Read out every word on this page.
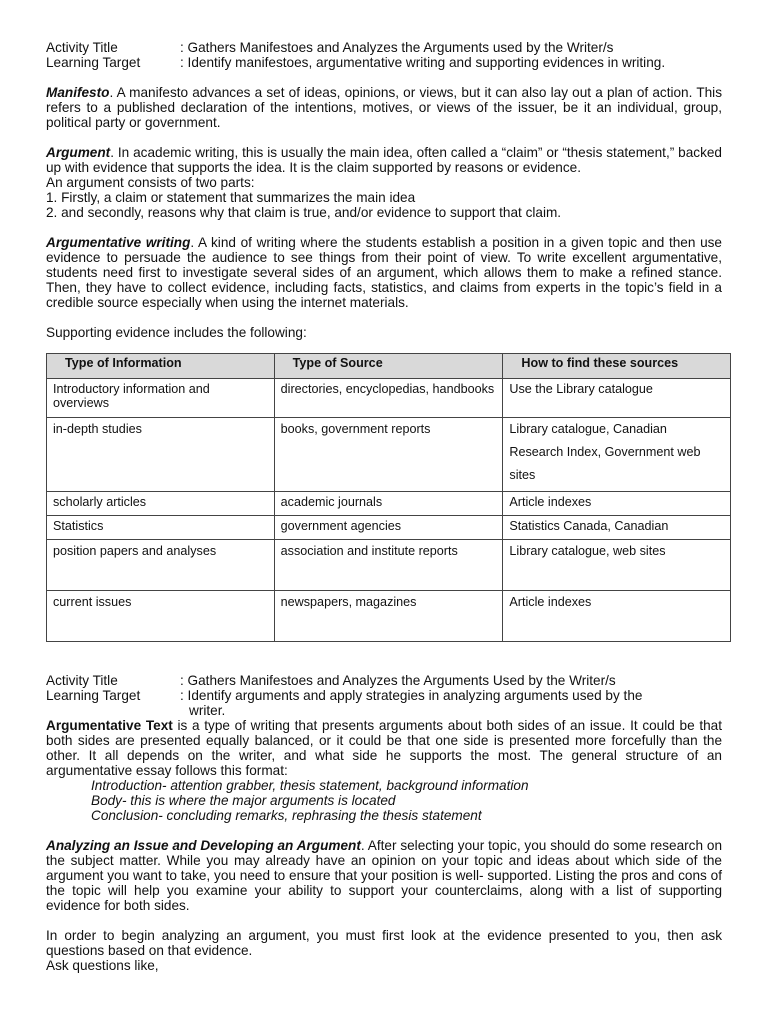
Activity Title	: Gathers Manifestoes and Analyzes the Arguments used by the Writer/s
Learning Target	: Identify manifestoes, argumentative writing and supporting evidences in writing.

Manifesto. A manifesto advances a set of ideas, opinions, or views, but it can also lay out a plan of action. This refers to a published declaration of the intentions, motives, or views of the issuer, be it an individual, group, political party or government.

Argument. In academic writing, this is usually the main idea, often called a “claim” or “thesis statement,” backed up with evidence that supports the idea. It is the claim supported by reasons or evidence.

An argument consists of two parts:

1. Firstly, a claim or statement that summarizes the main idea

2. and secondly, reasons why that claim is true, and/or evidence to support that claim.

Argumentative writing. A kind of writing where the students establish a position in a given topic and then use evidence to persuade the audience to see things from their point of view. To write excellent argumentative, students need first to investigate several sides of an argument, which allows them to make a refined stance. Then, they have to collect evidence, including facts, statistics, and claims from experts in the topic’s field in a credible source especially when using the internet materials.

Supporting evidence includes the following:

Type of Information	Type of Source	How to find these sources
Introductory information and overviews	directories, encyclopedias, handbooks	Use the Library catalogue
in-depth studies	books, government reports	Library catalogue, Canadian Research Index, Government web sites
scholarly articles	academic journals	Article indexes
Statistics	government agencies	Statistics Canada, Canadian
position papers and analyses	association and institute reports	Library catalogue, web sites
current issues	newspapers, magazines	Article indexes
Activity Title	: Gathers Manifestoes and Analyzes the Arguments Used by the Writer/s
Learning Target	: Identify arguments and apply strategies in analyzing arguments used by the
writer.

Argumentative Text is a type of writing that presents arguments about both sides of an issue. It could be that both sides are presented equally balanced, or it could be that one side is presented more forcefully than the other. It all depends on the writer, and what side he supports the most. The general structure of an argumentative essay follows this format:

Introduction- attention grabber, thesis statement, background information

Body- this is where the major arguments is located

Conclusion- concluding remarks, rephrasing the thesis statement

Analyzing an Issue and Developing an Argument. After selecting your topic, you should do some research on the subject matter. While you may already have an opinion on your topic and ideas about which side of the argument you want to take, you need to ensure that your position is well- supported. Listing the pros and cons of the topic will help you examine your ability to support your counterclaims, along with a list of supporting evidence for both sides.

In order to begin analyzing an argument, you must first look at the evidence presented to you, then ask questions based on that evidence.

Ask questions like,
